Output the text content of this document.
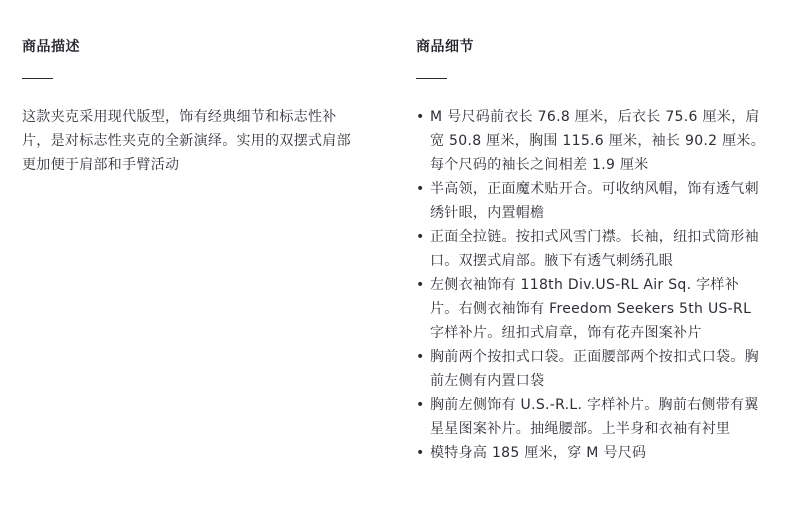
商品描述

这款夹克采用现代版型，饰有经典细节和标志性补片，是对标志性夹克的全新演绎。实用的双摆式肩部更加便于肩部和手臂活动

商品细节
• M 号尺码前衣长 76.8 厘米，后衣长 75.6 厘米，肩宽 50.8 厘米，胸围 115.6 厘米，袖长 90.2 厘米。每个尺码的袖长之间相差 1.9 厘米
• 半高领，正面魔术贴开合。可收纳风帽，饰有透气刺绣针眼，内置帽檐
• 正面全拉链。按扣式风雪门襟。长袖，纽扣式筒形袖口。双摆式肩部。腋下有透气刺绣孔眼
• 左侧衣袖饰有 118th Div.US-RL Air Sq. 字样补片。右侧衣袖饰有 Freedom Seekers 5th US-RL 字样补片。纽扣式肩章，饰有花卉图案补片
• 胸前两个按扣式口袋。正面腰部两个按扣式口袋。胸前左侧有内置口袋
• 胸前左侧饰有 U.S.-R.L. 字样补片。胸前右侧带有翼星星图案补片。抽绳腰部。上半身和衣袖有衬里
• 模特身高 185 厘米，穿 M 号尺码
